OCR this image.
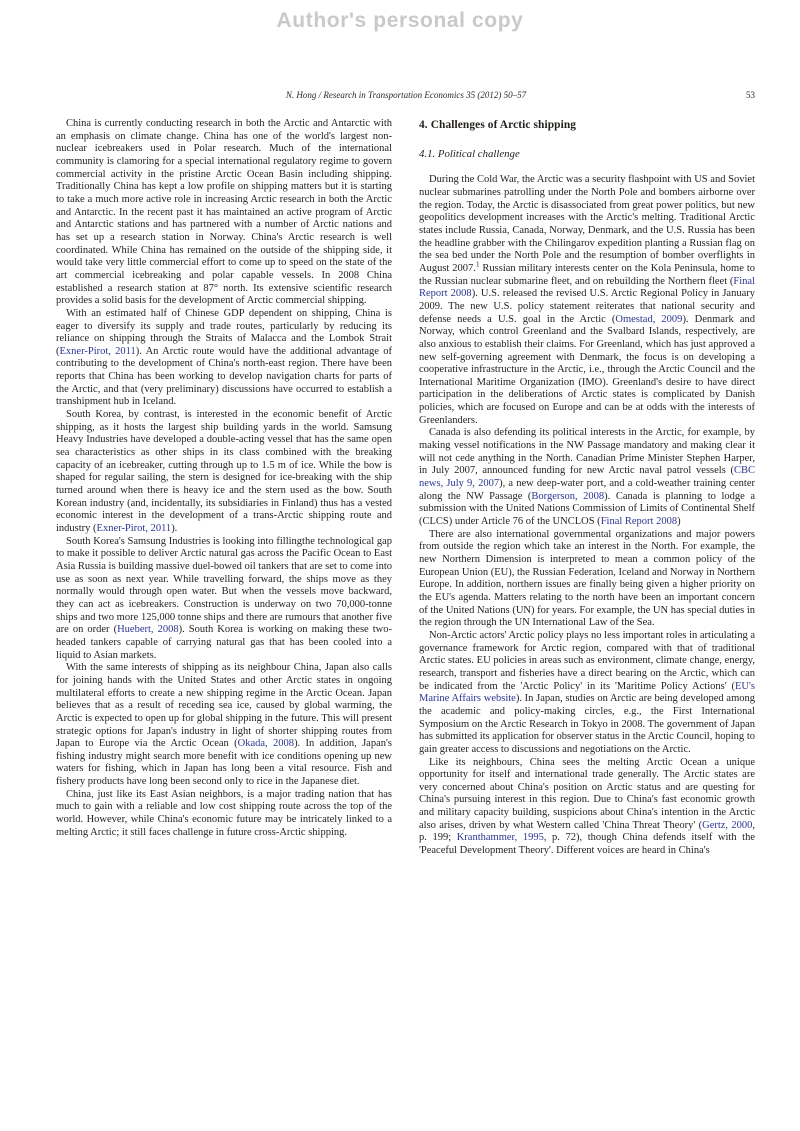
Author's personal copy
N. Hong / Research in Transportation Economics 35 (2012) 50–57	53

China is currently conducting research in both the Arctic and Antarctic with an emphasis on climate change. China has one of the world's largest non-nuclear icebreakers used in Polar research. Much of the international community is clamoring for a special international regulatory regime to govern commercial activity in the pristine Arctic Ocean Basin including shipping. Traditionally China has kept a low profile on shipping matters but it is starting to take a much more active role in increasing Arctic research in both the Arctic and Antarctic. In the recent past it has maintained an active program of Arctic and Antarctic stations and has partnered with a number of Arctic nations and has set up a research station in Norway. China's Arctic research is well coordinated. While China has remained on the outside of the shipping side, it would take very little commercial effort to come up to speed on the state of the art commercial icebreaking and polar capable vessels. In 2008 China established a research station at 87° north. Its extensive scientific research provides a solid basis for the development of Arctic commercial shipping.

With an estimated half of Chinese GDP dependent on shipping, China is eager to diversify its supply and trade routes, particularly by reducing its reliance on shipping through the Straits of Malacca and the Lombok Strait (Exner-Pirot, 2011). An Arctic route would have the additional advantage of contributing to the development of China's north-east region. There have been reports that China has been working to develop navigation charts for parts of the Arctic, and that (very preliminary) discussions have occurred to establish a transhipment hub in Iceland.

South Korea, by contrast, is interested in the economic benefit of Arctic shipping, as it hosts the largest ship building yards in the world. Samsung Heavy Industries have developed a double-acting vessel that has the same open sea characteristics as other ships in its class combined with the breaking capacity of an icebreaker, cutting through up to 1.5 m of ice. While the bow is shaped for regular sailing, the stern is designed for ice-breaking with the ship turned around when there is heavy ice and the stern used as the bow. South Korean industry (and, incidentally, its subsidiaries in Finland) thus has a vested economic interest in the development of a trans-Arctic shipping route and industry (Exner-Pirot, 2011).

South Korea's Samsung Industries is looking into fillingthe technological gap to make it possible to deliver Arctic natural gas across the Pacific Ocean to East Asia Russia is building massive duel-bowed oil tankers that are set to come into use as soon as next year. While travelling forward, the ships move as they normally would through open water. But when the vessels move backward, they can act as icebreakers. Construction is underway on two 70,000-tonne ships and two more 125,000 tonne ships and there are rumours that another five are on order (Huebert, 2008). South Korea is working on making these two-headed tankers capable of carrying natural gas that has been cooled into a liquid to Asian markets.

With the same interests of shipping as its neighbour China, Japan also calls for joining hands with the United States and other Arctic states in ongoing multilateral efforts to create a new shipping regime in the Arctic Ocean. Japan believes that as a result of receding sea ice, caused by global warming, the Arctic is expected to open up for global shipping in the future. This will present strategic options for Japan's industry in light of shorter shipping routes from Japan to Europe via the Arctic Ocean (Okada, 2008). In addition, Japan's fishing industry might search more benefit with ice conditions opening up new waters for fishing, which in Japan has long been a vital resource. Fish and fishery products have long been second only to rice in the Japanese diet.

China, just like its East Asian neighbors, is a major trading nation that has much to gain with a reliable and low cost shipping route across the top of the world. However, while China's economic future may be intricately linked to a melting Arctic; it still faces challenge in future cross-Arctic shipping.

4. Challenges of Arctic shipping
4.1. Political challenge

During the Cold War, the Arctic was a security flashpoint with US and Soviet nuclear submarines patrolling under the North Pole and bombers airborne over the region. Today, the Arctic is disassociated from great power politics, but new geopolitics development increases with the Arctic's melting. Traditional Arctic states include Russia, Canada, Norway, Denmark, and the U.S. Russia has been the headline grabber with the Chilingarov expedition planting a Russian flag on the sea bed under the North Pole and the resumption of bomber overflights in August 2007.$^1$ Russian military interests center on the Kola Peninsula, home to the Russian nuclear submarine fleet, and on rebuilding the Northern fleet (Final Report 2008). U.S. released the revised U.S. Arctic Regional Policy in January 2009. The new U.S. policy statement reiterates that national security and defense needs a U.S. goal in the Arctic (Omestad, 2009). Denmark and Norway, which control Greenland and the Svalbard Islands, respectively, are also anxious to establish their claims. For Greenland, which has just approved a new self-governing agreement with Denmark, the focus is on developing a cooperative infrastructure in the Arctic, i.e., through the Arctic Council and the International Maritime Organization (IMO). Greenland's desire to have direct participation in the deliberations of Arctic states is complicated by Danish policies, which are focused on Europe and can be at odds with the interests of Greenlanders.

Canada is also defending its political interests in the Arctic, for example, by making vessel notifications in the NW Passage mandatory and making clear it will not cede anything in the North. Canadian Prime Minister Stephen Harper, in July 2007, announced funding for new Arctic naval patrol vessels (CBC news, July 9, 2007), a new deep-water port, and a cold-weather training center along the NW Passage (Borgerson, 2008). Canada is planning to lodge a submission with the United Nations Commission of Limits of Continental Shelf (CLCS) under Article 76 of the UNCLOS (Final Report 2008)

There are also international governmental organizations and major powers from outside the region which take an interest in the North. For example, the new Northern Dimension is interpreted to mean a common policy of the European Union (EU), the Russian Federation, Iceland and Norway in Northern Europe. In addition, northern issues are finally being given a higher priority on the EU's agenda. Matters relating to the north have been an important concern of the United Nations (UN) for years. For example, the UN has special duties in the region through the UN International Law of the Sea.

Non-Arctic actors' Arctic policy plays no less important roles in articulating a governance framework for Arctic region, compared with that of traditional Arctic states. EU policies in areas such as environment, climate change, energy, research, transport and fisheries have a direct bearing on the Arctic, which can be indicated from the 'Arctic Policy' in its 'Maritime Policy Actions' (EU's Marine Affairs website). In Japan, studies on Arctic are being developed among the academic and policy-making circles, e.g., the First International Symposium on the Arctic Research in Tokyo in 2008. The government of Japan has submitted its application for observer status in the Arctic Council, hoping to gain greater access to discussions and negotiations on the Arctic.

Like its neighbours, China sees the melting Arctic Ocean a unique opportunity for itself and international trade generally. The Arctic states are very concerned about China's position on Arctic status and are questing for China's pursuing interest in this region. Due to China's fast economic growth and military capacity building, suspicions about China's intention in the Arctic also arises, driven by what Western called 'China Threat Theory' (Gertz, 2000, p. 199; Kranthammer, 1995, p. 72), though China defends itself with the 'Peaceful Development Theory'. Different voices are heard in China's
